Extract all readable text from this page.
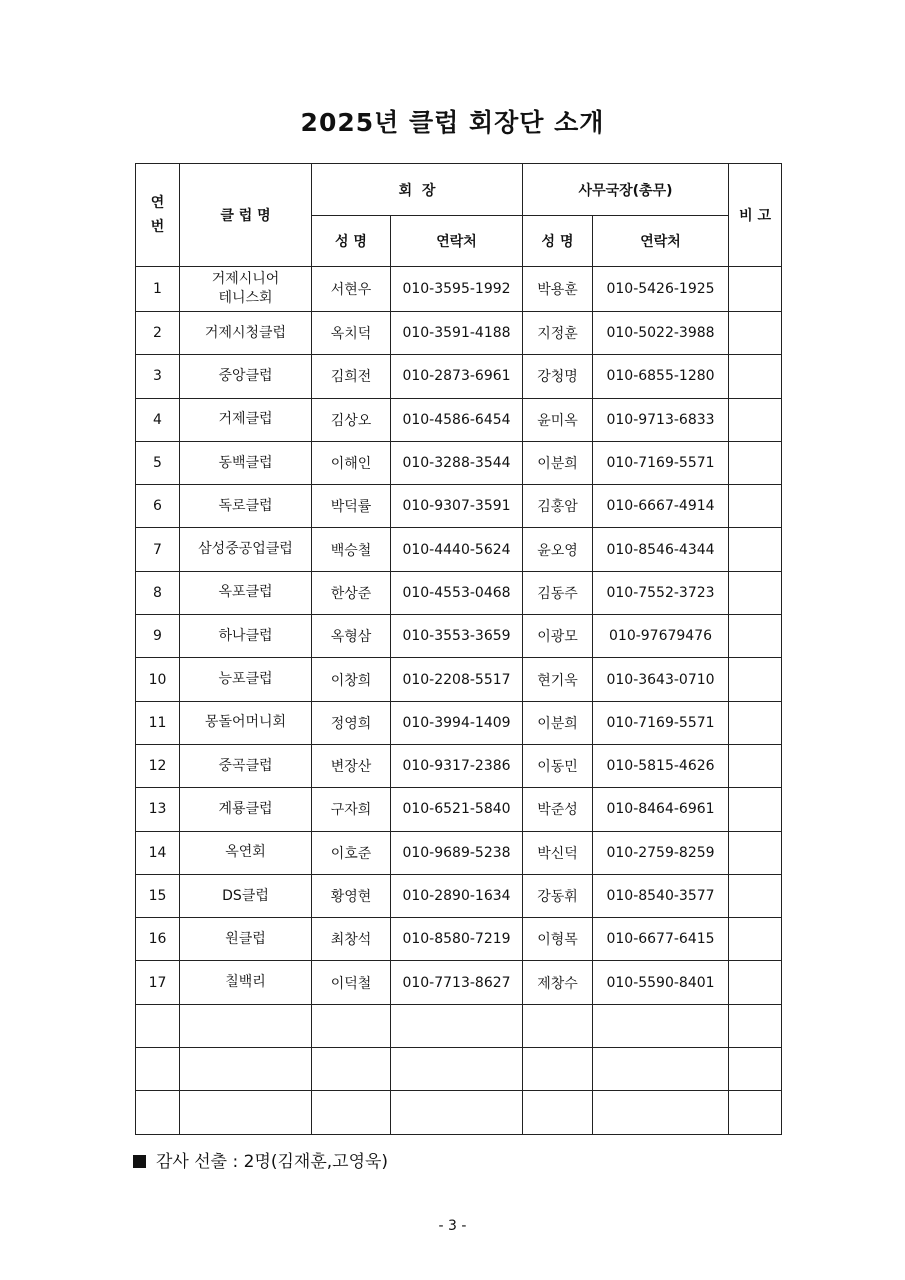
2025년 클럽 회장단 소개
연
번	클 럽 명	회  장		사무국장(총무)		비 고
		성 명	연락처	성 명	연락처	
1	거제시니어
테니스회	서현우	010-3595-1992	박용훈	010-5426-1925	
2	거제시청클럽	옥치덕	010-3591-4188	지정훈	010-5022-3988	
3	중앙클럽	김희전	010-2873-6961	강청명	010-6855-1280	
4	거제클럽	김상오	010-4586-6454	윤미옥	010-9713-6833	
5	동백클럽	이해인	010-3288-3544	이분희	010-7169-5571	
6	독로클럽	박덕률	010-9307-3591	김홍암	010-6667-4914	
7	삼성중공업클럽	백승철	010-4440-5624	윤오영	010-8546-4344	
8	옥포클럽	한상준	010-4553-0468	김동주	010-7552-3723	
9	하나클럽	옥형삼	010-3553-3659	이광모	010-97679476	
10	능포클럽	이창희	010-2208-5517	현기욱	010-3643-0710	
11	몽돌어머니회	정영희	010-3994-1409	이분희	010-7169-5571	
12	중곡클럽	변장산	010-9317-2386	이동민	010-5815-4626	
13	계룡클럽	구자희	010-6521-5840	박준성	010-8464-6961	
14	옥연회	이호준	010-9689-5238	박신덕	010-2759-8259	
15	DS클럽	황영현	010-2890-1634	강동휘	010-8540-3577	
16	원클럽	최창석	010-8580-7219	이형목	010-6677-6415	
17	칠백리	이덕철	010-7713-8627	제창수	010-5590-8401	

감사 선출 : 2명(김재훈,고영욱)
- 3 -
